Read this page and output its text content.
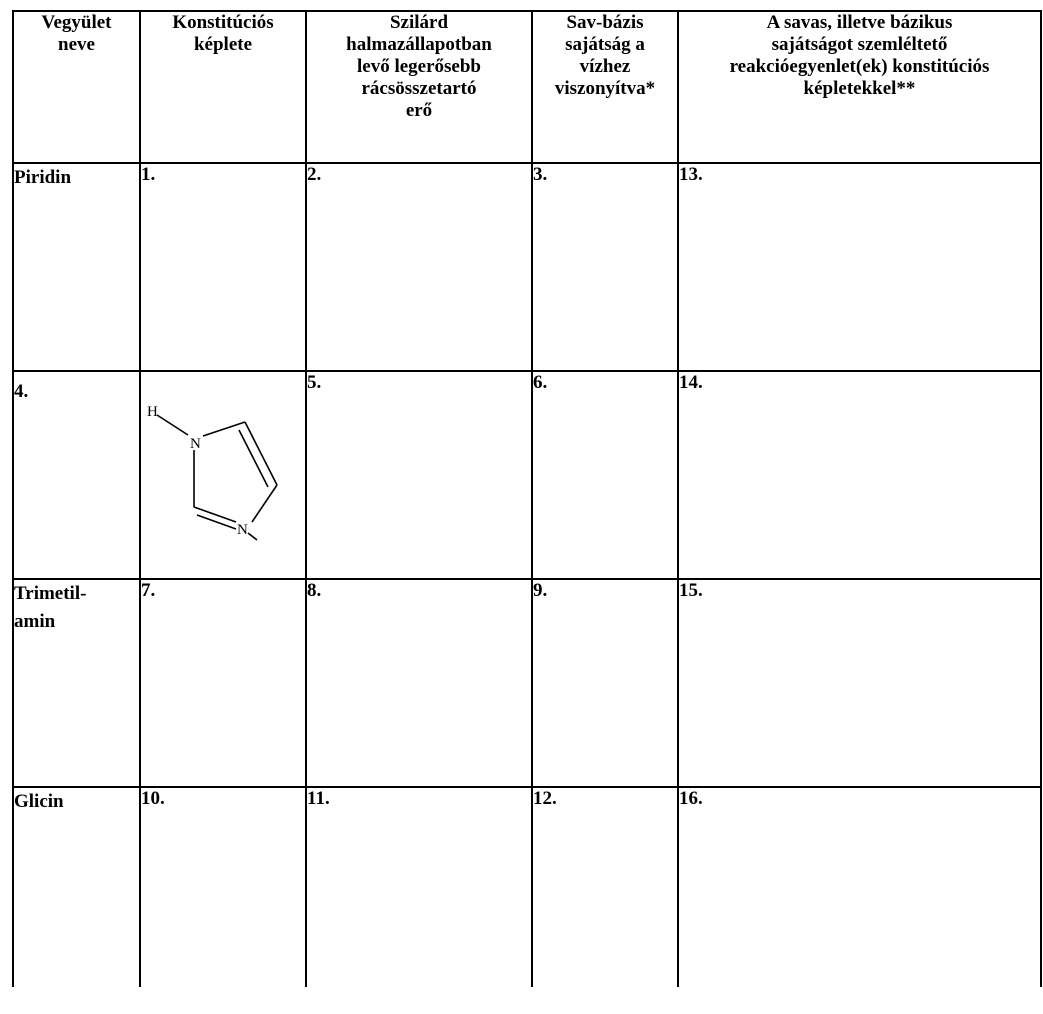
Vegyület
neve	Konstitúciós
képlete	Szilárd
halmazállapotban
levő legerősebb
rácsösszetartó
erő	Sav-bázis
sajátság a
vízhez
viszonyítva*	A savas, illetve bázikus
sajátságot szemléltető
reakcióegyenlet(ek) konstitúciós
képletekkel**

Piridin	1.	2.	3.	13.
4.	H
N
N	5.	6.	14.
Trimetil-
amin	7.	8.	9.	15.
Glicin	10.	11.	12.	16.
